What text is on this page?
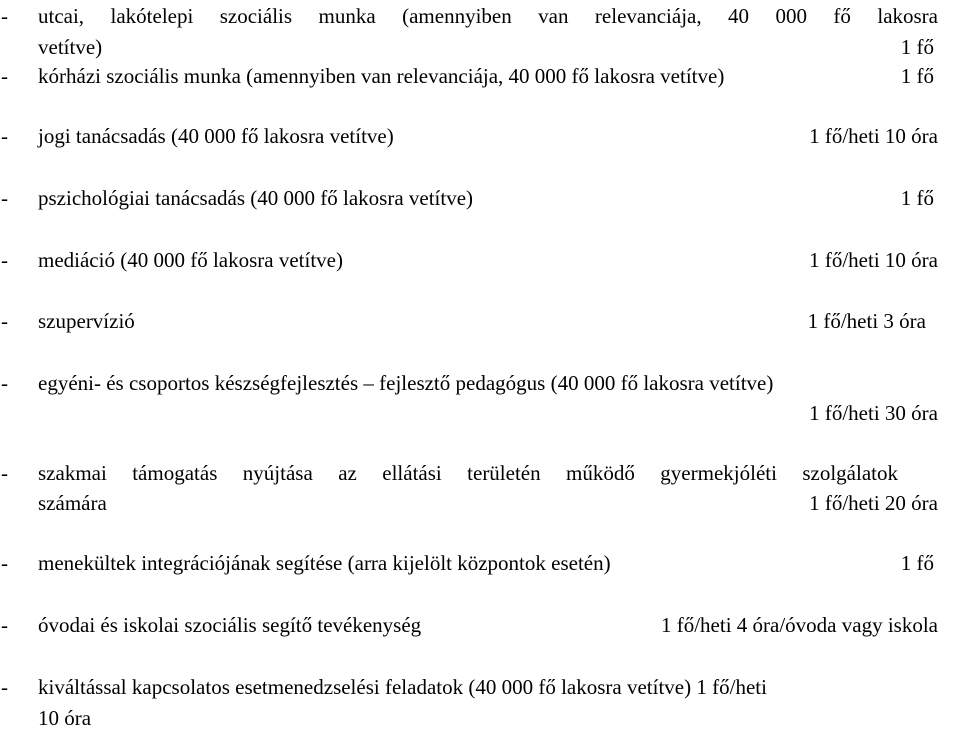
- utcai, lakótelepi szociális munka (amennyiben van relevanciája, 40 000 fő lakosra
vetítve)	1 fő
- kórházi szociális munka (amennyiben van relevanciája, 40 000 fő lakosra vetítve)	1 fő
- jogi tanácsadás (40 000 fő lakosra vetítve)	1 fő/heti 10 óra
- pszichológiai tanácsadás (40 000 fő lakosra vetítve)	1 fő
- mediáció (40 000 fő lakosra vetítve)	1 fő/heti 10 óra
- szupervízió	1 fő/heti 3 óra
- egyéni- és csoportos készségfejlesztés – fejlesztő pedagógus (40 000 fő lakosra vetítve)
1 fő/heti 30 óra
- szakmai támogatás nyújtása az ellátási területén működő gyermekjóléti szolgálatok
számára	1 fő/heti 20 óra
- menekültek integrációjának segítése (arra kijelölt központok esetén)	1 fő
- óvodai és iskolai szociális segítő tevékenység	1 fő/heti 4 óra/óvoda vagy iskola
- kiváltással kapcsolatos esetmenedzselési feladatok (40 000 fő lakosra vetítve) 1 fő/heti
10 óra
